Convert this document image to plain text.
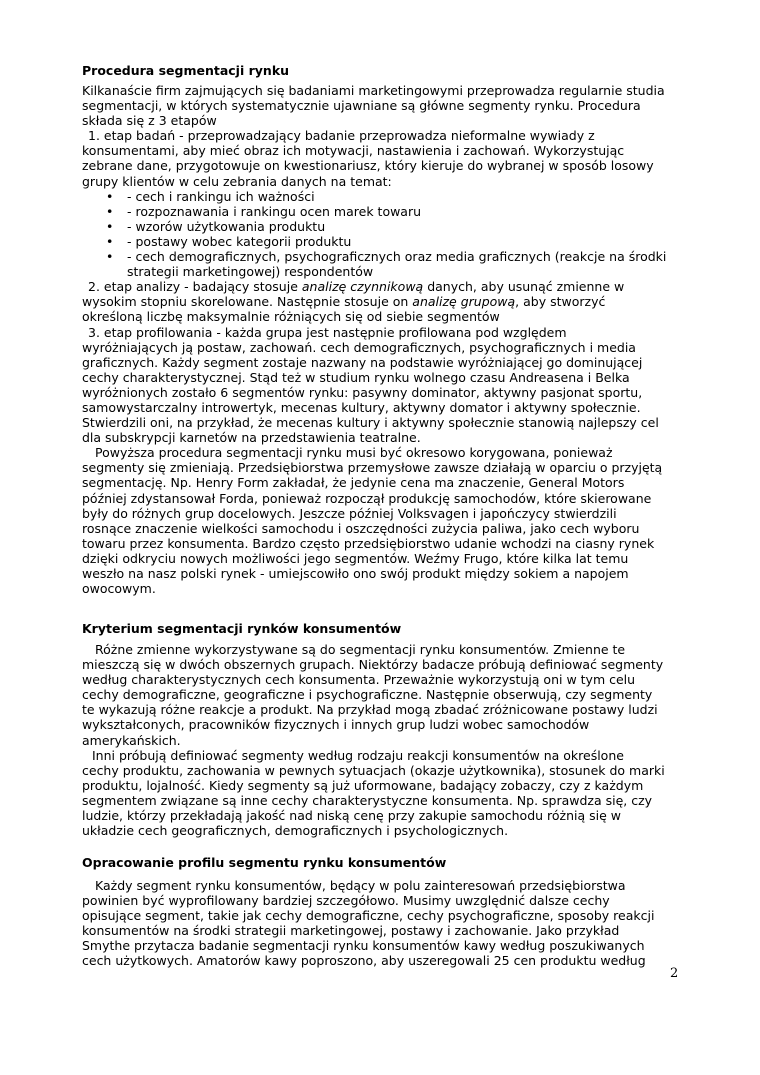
Procedura segmentacji rynku
Kilkanaście firm zajmujących się badaniami marketingowymi przeprowadza regularnie studia
segmentacji, w których systematycznie ujawniane są główne segmenty rynku. Procedura
składa się z 3 etapów
1. etap badań - przeprowadzający badanie przeprowadza nieformalne wywiady z
konsumentami, aby mieć obraz ich motywacji, nastawienia i zachowań. Wykorzystując
zebrane dane, przygotowuje on kwestionariusz, który kieruje do wybranej w sposób losowy
grupy klientów w celu zebrania danych na temat:
• - cech i rankingu ich ważności
• - rozpoznawania i rankingu ocen marek towaru
• - wzorów użytkowania produktu
• - postawy wobec kategorii produktu
• - cech demograficznych, psychograficznych oraz media graficznych (reakcje na środki
strategii marketingowej) respondentów
2. etap analizy - badający stosuje analizę czynnikową danych, aby usunąć zmienne w
wysokim stopniu skorelowane. Następnie stosuje on analizę grupową, aby stworzyć
określoną liczbę maksymalnie różniących się od siebie segmentów
3. etap profilowania - każda grupa jest następnie profilowana pod względem
wyróżniających ją postaw, zachowań. cech demograficznych, psychograficznych i media
graficznych. Każdy segment zostaje nazwany na podstawie wyróżniającej go dominującej
cechy charakterystycznej. Stąd też w studium rynku wolnego czasu Andreasena i Belka
wyróżnionych zostało 6 segmentów rynku: pasywny dominator, aktywny pasjonat sportu,
samowystarczalny introwertyk, mecenas kultury, aktywny domator i aktywny społecznie.
Stwierdzili oni, na przykład, że mecenas kultury i aktywny społecznie stanowią najlepszy cel
dla subskrypcji karnetów na przedstawienia teatralne.
Powyższa procedura segmentacji rynku musi być okresowo korygowana, ponieważ
segmenty się zmieniają. Przedsiębiorstwa przemysłowe zawsze działają w oparciu o przyjętą
segmentację. Np. Henry Form zakładał, że jedynie cena ma znaczenie, General Motors
później zdystansował Forda, ponieważ rozpoczął produkcję samochodów, które skierowane
były do różnych grup docelowych. Jeszcze później Volksvagen i japończycy stwierdzili
rosnące znaczenie wielkości samochodu i oszczędności zużycia paliwa, jako cech wyboru
towaru przez konsumenta. Bardzo często przedsiębiorstwo udanie wchodzi na ciasny rynek
dzięki odkryciu nowych możliwości jego segmentów. Weźmy Frugo, które kilka lat temu
weszło na nasz polski rynek - umiejscowiło ono swój produkt między sokiem a napojem
owocowym.
Kryterium segmentacji rynków konsumentów
Różne zmienne wykorzystywane są do segmentacji rynku konsumentów. Zmienne te
mieszczą się w dwóch obszernych grupach. Niektórzy badacze próbują definiować segmenty
według charakterystycznych cech konsumenta. Przeważnie wykorzystują oni w tym celu
cechy demograficzne, geograficzne i psychograficzne. Następnie obserwują, czy segmenty
te wykazują różne reakcje a produkt. Na przykład mogą zbadać zróżnicowane postawy ludzi
wykształconych, pracowników fizycznych i innych grup ludzi wobec samochodów
amerykańskich.
Inni próbują definiować segmenty według rodzaju reakcji konsumentów na określone
cechy produktu, zachowania w pewnych sytuacjach (okazje użytkownika), stosunek do marki
produktu, lojalność. Kiedy segmenty są już uformowane, badający zobaczy, czy z każdym
segmentem związane są inne cechy charakterystyczne konsumenta. Np. sprawdza się, czy
ludzie, którzy przekładają jakość nad niską cenę przy zakupie samochodu różnią się w
układzie cech geograficznych, demograficznych i psychologicznych.
Opracowanie profilu segmentu rynku konsumentów
Każdy segment rynku konsumentów, będący w polu zainteresowań przedsiębiorstwa
powinien być wyprofilowany bardziej szczegółowo. Musimy uwzględnić dalsze cechy
opisujące segment, takie jak cechy demograficzne, cechy psychograficzne, sposoby reakcji
konsumentów na środki strategii marketingowej, postawy i zachowanie. Jako przykład
Smythe przytacza badanie segmentacji rynku konsumentów kawy według poszukiwanych
cech użytkowych. Amatorów kawy poproszono, aby uszeregowali 25 cen produktu według
2
